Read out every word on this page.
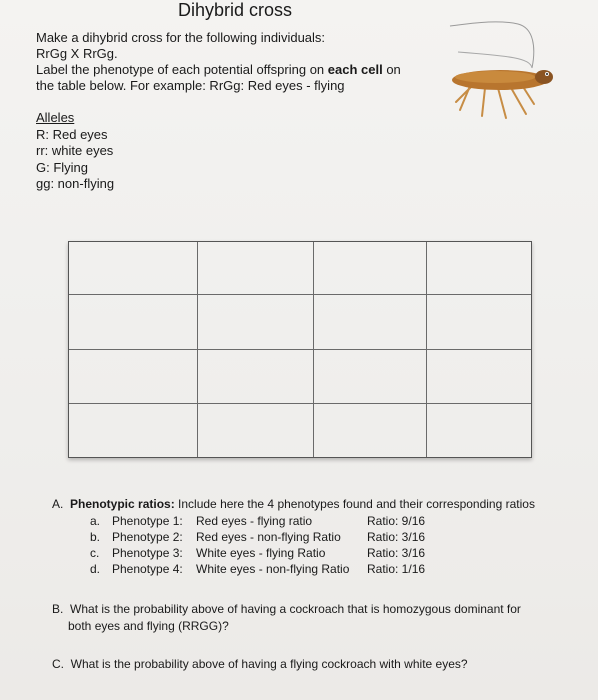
Dihybrid cross
Make a dihybrid cross for the following individuals:
RrGg X RrGg.
Label the phenotype of each potential offspring on each cell on
the table below. For example: RrGg: Red eyes - flying
Alleles
R: Red eyes
rr: white eyes
G: Flying
gg: non-flying
A. Phenotypic ratios: Include here the 4 phenotypes found and their corresponding ratios
a. Phenotype 1: Red eyes - flying ratio	Ratio: 9/16
b. Phenotype 2: Red eyes - non-flying Ratio Ratio: 3/16
c. Phenotype 3: White eyes - flying Ratio	Ratio: 3/16
d. Phenotype 4: White eyes - non-flying Ratio Ratio: 1/16
B. What is the probability above of having a cockroach that is homozygous dominant for
both eyes and flying (RRGG)?
C. What is the probability above of having a flying cockroach with white eyes?
